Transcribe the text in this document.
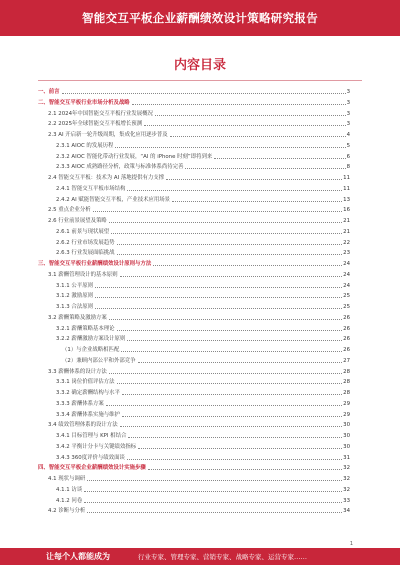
智能交互平板企业薪酬绩效设计策略研究报告
内容目录
一、前言	3
二、智能交互平板行业市场分析及战略	3
2.1 2024年中国智能交互平板行业发展概况	3
2.2 2025年全球智能交互平板增长预测	3
2.3 AI 开启新一轮升级周期，集成化应用逐步普及	4
2.3.1 AIOC 的发展历程	5
2.3.2 AIOC 智能化带动行业发展，“AI 的 iPhone 时刻”即将到来	6
2.3.3 AIOC 成熟路径分析，政策与标准体系尚待完善	8
2.4 智能交互平板：技术为 AI 落地提供有力支撑	11
2.4.1 智能交互平板市场结构	11
2.4.2 AI 赋能智能交互平板，产业技术应用场景	13
2.5 重点企业分析	16
2.6 行业前景展望及策略	21
2.6.1 前景与现状展望	21
2.6.2 行业市场发展趋势	22
2.6.3 行业发展面临挑战	23
三、智能交互平板行业薪酬绩效设计原则与方法	24
3.1 薪酬管理设计的基本原则	24
3.1.1 公平原则	24
3.1.2 激励原则	25
3.1.3 合法原则	25
3.2 薪酬策略及激励方案	26
3.2.1 薪酬策略基本理论	26
3.2.2 薪酬激励方案设计原则	26
（1）与企业战略相匹配	26
（2）兼顾内部公平和外部竞争	27
3.3 薪酬体系的设计方法	28
3.3.1 岗位价值评估方法	28
3.3.2 确定薪酬结构与水平	28
3.3.3 薪酬体系方案	29
3.3.4 薪酬体系实施与维护	29
3.4 绩效管理体系的设计方法	30
3.4.1 目标管理与 KPI 相结合	30
3.4.2 平衡计分卡与关键绩效指标	30
3.4.3 360度评价与绩效面谈	31
四、智能交互平板企业薪酬绩效设计实施步骤	32
4.1 现状与调研	32
4.1.1 访谈	32
4.1.2 问卷	33
4.2 诊断与分析	34
1
让每个人都能成为	行业专家、管理专家、营销专家、战略专家、运营专家……
